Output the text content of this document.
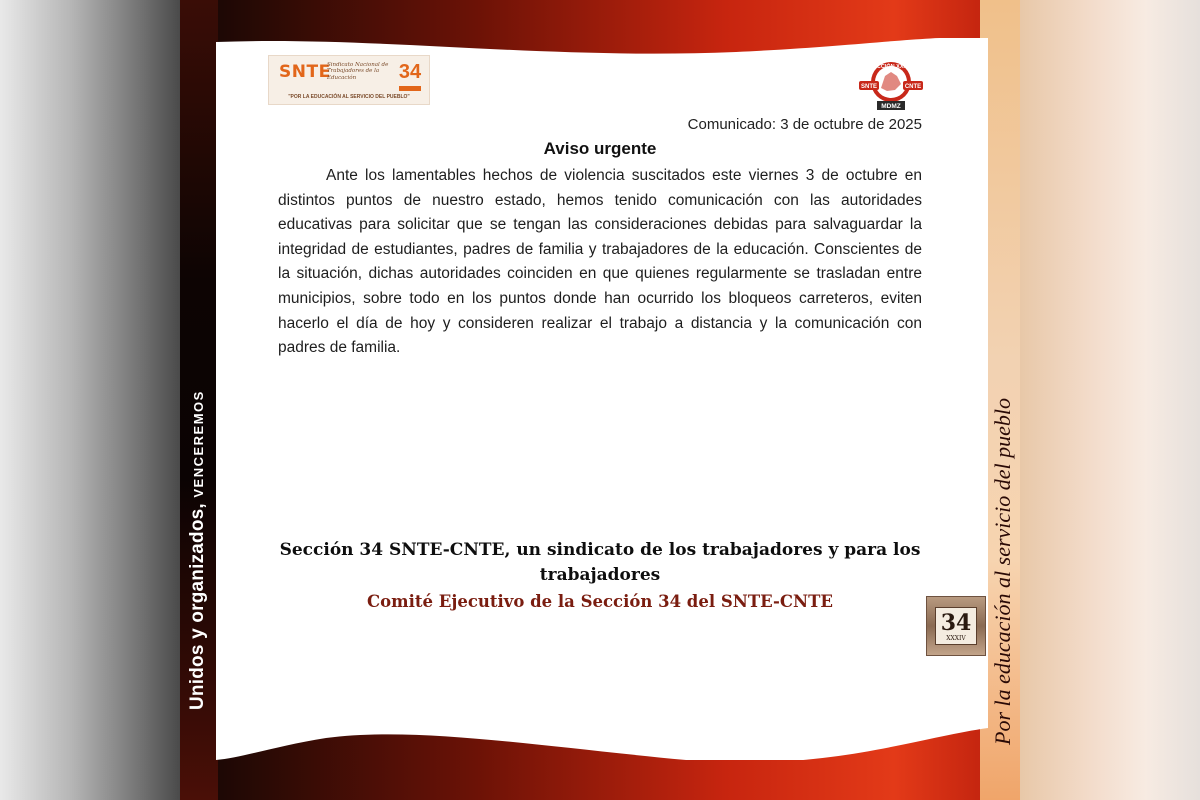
SNTE
Sindicato Nacional de Trabajadores de la Educación	34
"POR LA EDUCACIÓN AL SERVICIO DEL PUEBLO"
SECCIÓN XXXIV
SNTE	CNTE
MDMZ
Comunicado: 3 de octubre de 2025
Aviso urgente
Ante los lamentables hechos de violencia suscitados este viernes 3 de octubre en distintos puntos de nuestro estado, hemos tenido comunicación con las autoridades educativas para solicitar que se tengan las consideraciones debidas para salvaguardar la integridad de estudiantes, padres de familia y trabajadores de la educación. Conscientes de la situación, dichas autoridades coinciden en que quienes regularmente se trasladan entre municipios, sobre todo en los puntos donde han ocurrido los bloqueos carreteros, eviten hacerlo el día de hoy y consideren realizar el trabajo a distancia y la comunicación con padres de familia.
Sección 34 SNTE-CNTE, un sindicato de los trabajadores y para los trabajadores
Comité Ejecutivo de la Sección 34 del SNTE-CNTE
Unidos y organizados, VENCEREMOS	Por la educación al servicio del pueblo
34
XXXIV
